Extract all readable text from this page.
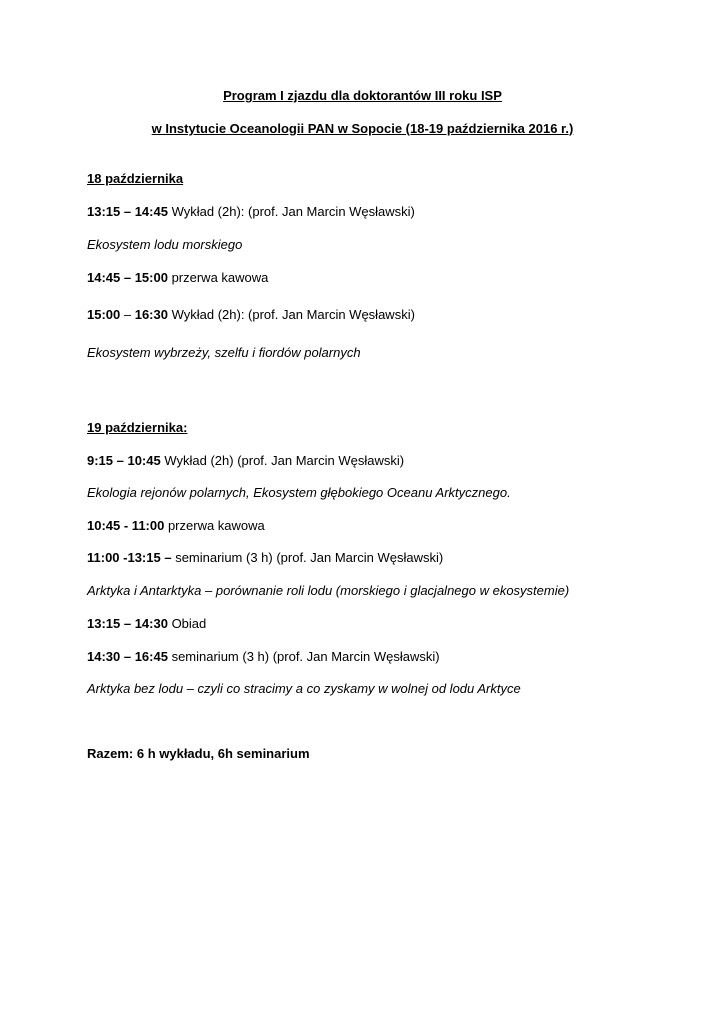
Program I zjazdu dla doktorantów III roku ISP
w Instytucie Oceanologii PAN w Sopocie (18-19 października 2016 r.)
18 października
13:15 – 14:45 Wykład (2h): (prof. Jan Marcin Węsławski)
Ekosystem lodu morskiego
14:45 – 15:00 przerwa kawowa
15:00 – 16:30 Wykład (2h): (prof. Jan Marcin Węsławski)
Ekosystem wybrzeży, szelfu i fiordów polarnych
19 października:
9:15 – 10:45 Wykład (2h) (prof. Jan Marcin Węsławski)
Ekologia rejonów polarnych, Ekosystem głębokiego Oceanu Arktycznego.
10:45 - 11:00 przerwa kawowa
11:00 -13:15 – seminarium (3 h) (prof. Jan Marcin Węsławski)
Arktyka i Antarktyka – porównanie roli lodu (morskiego i glacjalnego w ekosystemie)
13:15 – 14:30 Obiad
14:30 – 16:45 seminarium (3 h) (prof. Jan Marcin Węsławski)
Arktyka bez lodu – czyli co stracimy a co zyskamy w wolnej od lodu Arktyce
Razem: 6 h wykładu, 6h seminarium
